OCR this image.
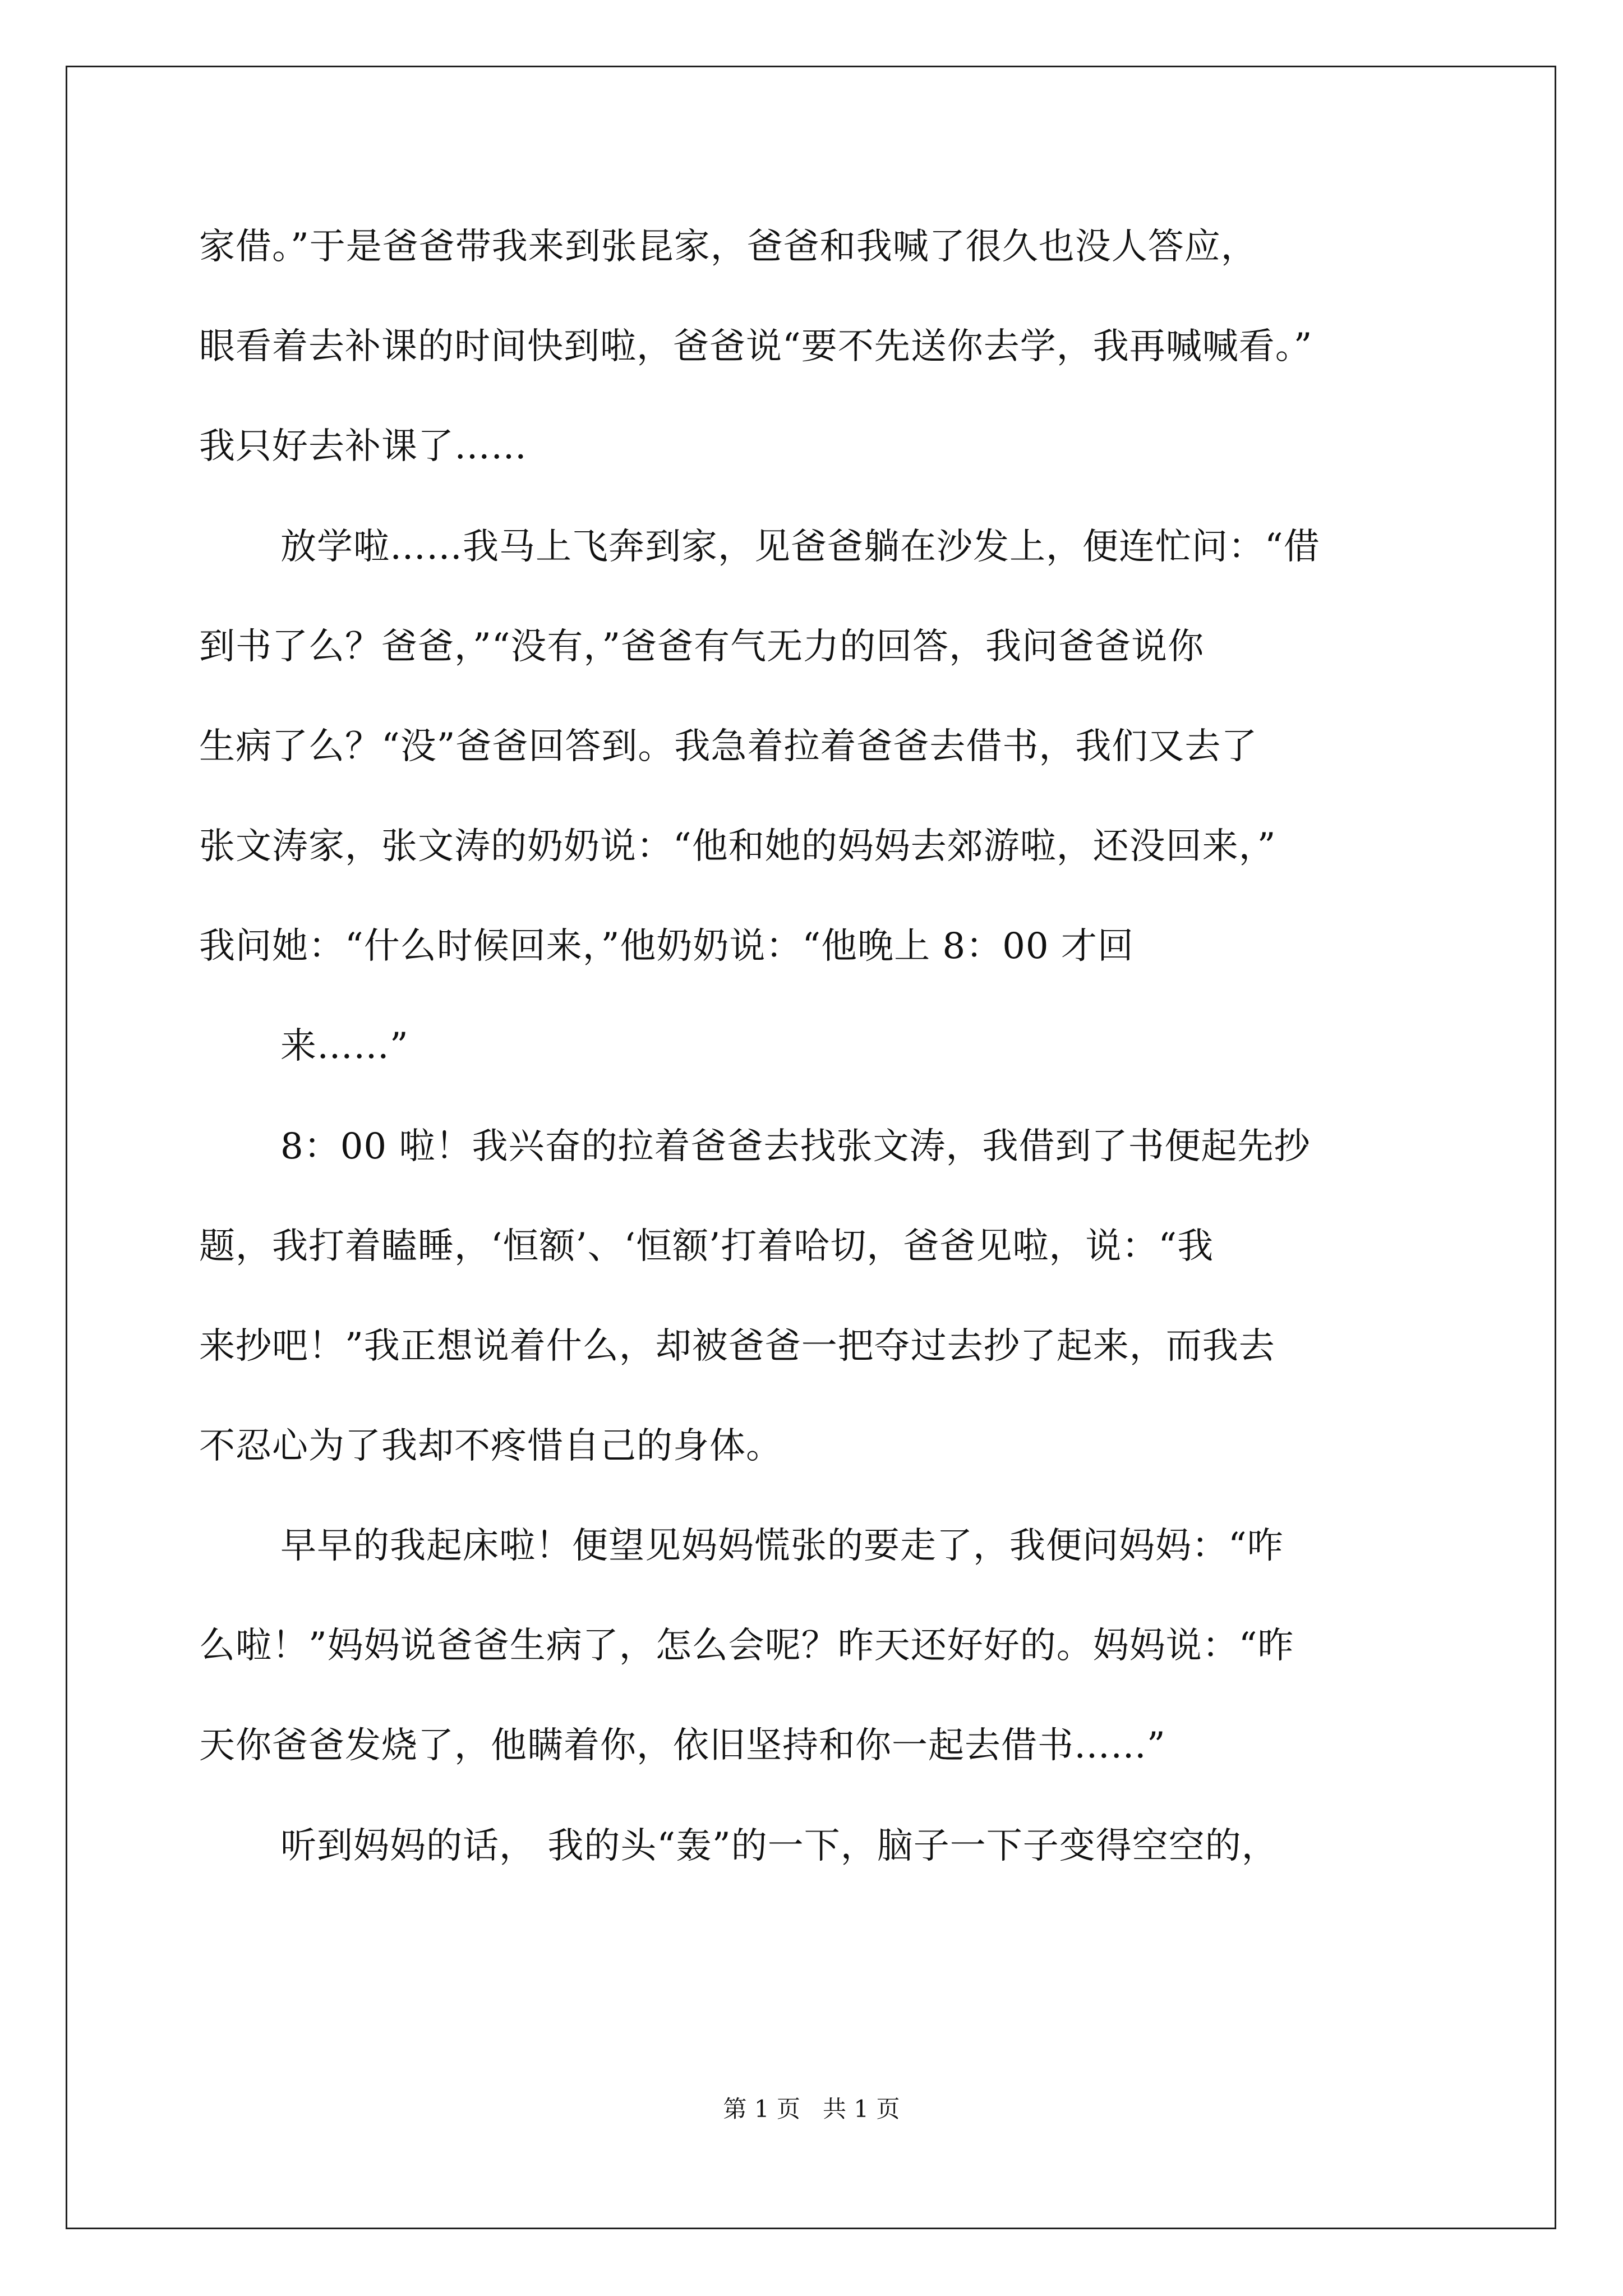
家借。”于是爸爸带我来到张昆家，爸爸和我喊了很久也没人答应，
眼看着去补课的时间快到啦，爸爸说“要不先送你去学，我再喊喊看。”
我只好去补课了……
放学啦……我马上飞奔到家，见爸爸躺在沙发上，便连忙问：“借
到书了么？爸爸，”“没有，”爸爸有气无力的回答，我问爸爸说你
生病了么？“没”爸爸回答到。我急着拉着爸爸去借书，我们又去了
张文涛家，张文涛的奶奶说：“他和她的妈妈去郊游啦，还没回来，”
我问她：“什么时候回来，”他奶奶说：“他晚上 8：00 才回
来……”
8：00 啦！我兴奋的拉着爸爸去找张文涛，我借到了书便起先抄
题，我打着瞌睡，‘恒额’、‘恒额’打着哈切，爸爸见啦，说：“我
来抄吧！”我正想说着什么，却被爸爸一把夺过去抄了起来，而我去
不忍心为了我却不疼惜自己的身体。
早早的我起床啦！便望见妈妈慌张的要走了，我便问妈妈：“咋
么啦！”妈妈说爸爸生病了，怎么会呢？昨天还好好的。妈妈说：“昨
天你爸爸发烧了，他瞒着你，依旧坚持和你一起去借书……”
听到妈妈的话， 我的头“轰”的一下，脑子一下子变得空空的，
第 1 页   共 1 页
